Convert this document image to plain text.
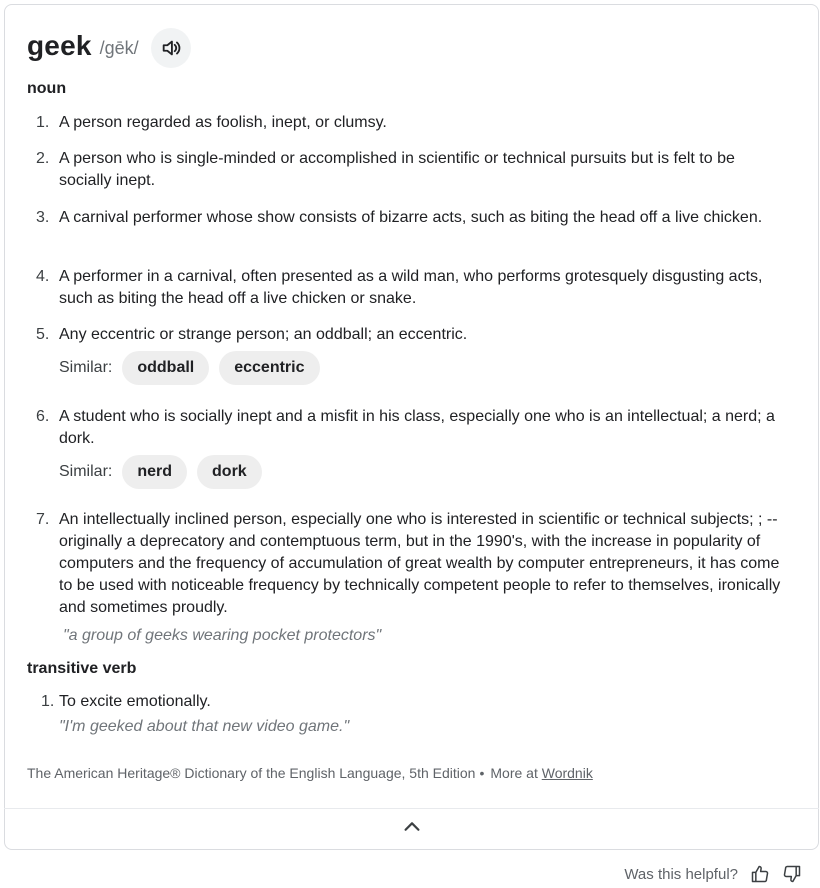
geek /gēk/
noun
1. A person regarded as foolish, inept, or clumsy.
2. A person who is single-minded or accomplished in scientific or technical pursuits but is felt to be socially inept.
3. A carnival performer whose show consists of bizarre acts, such as biting the head off a live chicken.
4. A performer in a carnival, often presented as a wild man, who performs grotesquely disgusting acts, such as biting the head off a live chicken or snake.
5. Any eccentric or strange person; an oddball; an eccentric.
Similar:	oddball	eccentric
6. A student who is socially inept and a misfit in his class, especially one who is an intellectual; a nerd; a dork.
Similar:	nerd	dork
7. An intellectually inclined person, especially one who is interested in scientific or technical subjects; ; -- originally a deprecatory and contemptuous term, but in the 1990's, with the increase in popularity of computers and the frequency of accumulation of great wealth by computer entrepreneurs, it has come to be used with noticeable frequency by technically competent people to refer to themselves, ironically and sometimes proudly.
"a group of geeks wearing pocket protectors"
transitive verb
1. To excite emotionally.
"I'm geeked about that new video game."
The American Heritage® Dictionary of the English Language, 5th Edition • More at Wordnik
Was this helpful?
